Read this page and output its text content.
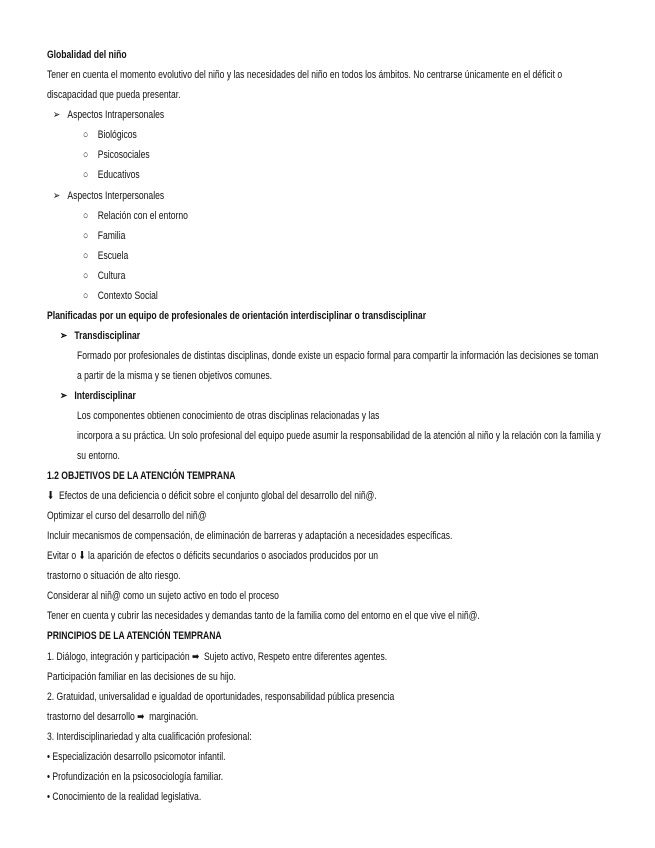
Globalidad del niño
Tener en cuenta el momento evolutivo del niño y las necesidades del niño en todos los ámbitos. No centrarse únicamente en el déficit o
discapacidad que pueda presentar.
➢ Aspectos Intrapersonales
○ Biológicos
○ Psicosociales
○ Educativos
➢ Aspectos Interpersonales
○ Relación con el entorno
○ Familia
○ Escuela
○ Cultura
○ Contexto Social
Planificadas por un equipo de profesionales de orientación interdisciplinar o transdisciplinar
➢ Transdisciplinar
Formado por profesionales de distintas disciplinas, donde existe un espacio formal para compartir la información las decisiones se toman
a partir de la misma y se tienen objetivos comunes.
➢ Interdisciplinar
Los componentes obtienen conocimiento de otras disciplinas relacionadas y las
incorpora a su práctica. Un solo profesional del equipo puede asumir la responsabilidad de la atención al niño y la relación con la familia y
su entorno.
1.2 OBJETIVOS DE LA ATENCIÓN TEMPRANA
⬇ Efectos de una deficiencia o déficit sobre el conjunto global del desarrollo del niñ@.
Optimizar el curso del desarrollo del niñ@
Incluir mecanismos de compensación, de eliminación de barreras y adaptación a necesidades específicas.
Evitar o ⬇ la aparición de efectos o déficits secundarios o asociados producidos por un
trastorno o situación de alto riesgo.
Considerar al niñ@ como un sujeto activo en todo el proceso
Tener en cuenta y cubrir las necesidades y demandas tanto de la familia como del entorno en el que vive el niñ@.
PRINCIPIOS DE LA ATENCIÓN TEMPRANA
1. Diálogo, integración y participación ➡ Sujeto activo, Respeto entre diferentes agentes.
Participación familiar en las decisiones de su hijo.
2. Gratuidad, universalidad e igualdad de oportunidades, responsabilidad pública presencia
trastorno del desarrollo ➡ marginación.
3. Interdisciplinariedad y alta cualificación profesional:
• Especialización desarrollo psicomotor infantil.
• Profundización en la psicosociología familiar.
• Conocimiento de la realidad legislativa.
